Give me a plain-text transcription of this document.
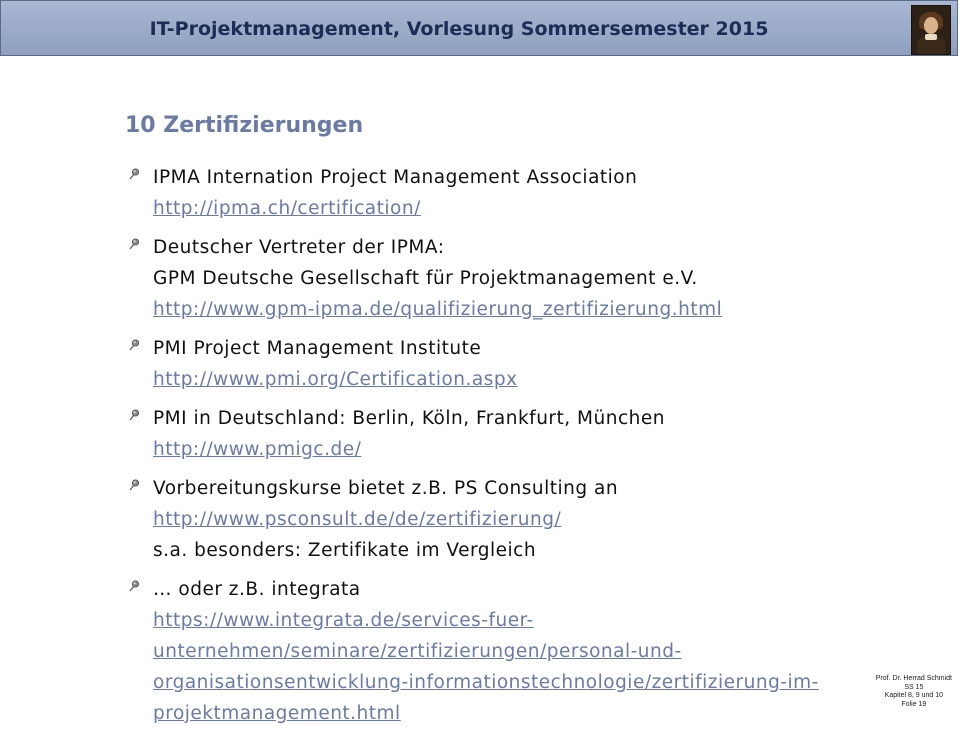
IT-Projektmanagement, Vorlesung Sommersemester 2015
10 Zertifizierungen
IPMA Internation Project Management Association
http://ipma.ch/certification/
Deutscher Vertreter der IPMA:
GPM Deutsche Gesellschaft für Projektmanagement e.V.
http://www.gpm-ipma.de/qualifizierung_zertifizierung.html
PMI Project Management Institute
http://www.pmi.org/Certification.aspx
PMI in Deutschland: Berlin, Köln, Frankfurt, München
http://www.pmigc.de/
Vorbereitungskurse bietet z.B. PS Consulting an
http://www.psconsult.de/de/zertifizierung/
s.a. besonders: Zertifikate im Vergleich
… oder z.B. integrata
https://www.integrata.de/services-fuer-
unternehmen/seminare/zertifizierungen/personal-und-
organisationsentwicklung-informationstechnologie/zertifizierung-im-
projektmanagement.html
Prof. Dr. Herrad Schmidt
SS 15
Kapitel 8, 9 und 10
Folie 19
